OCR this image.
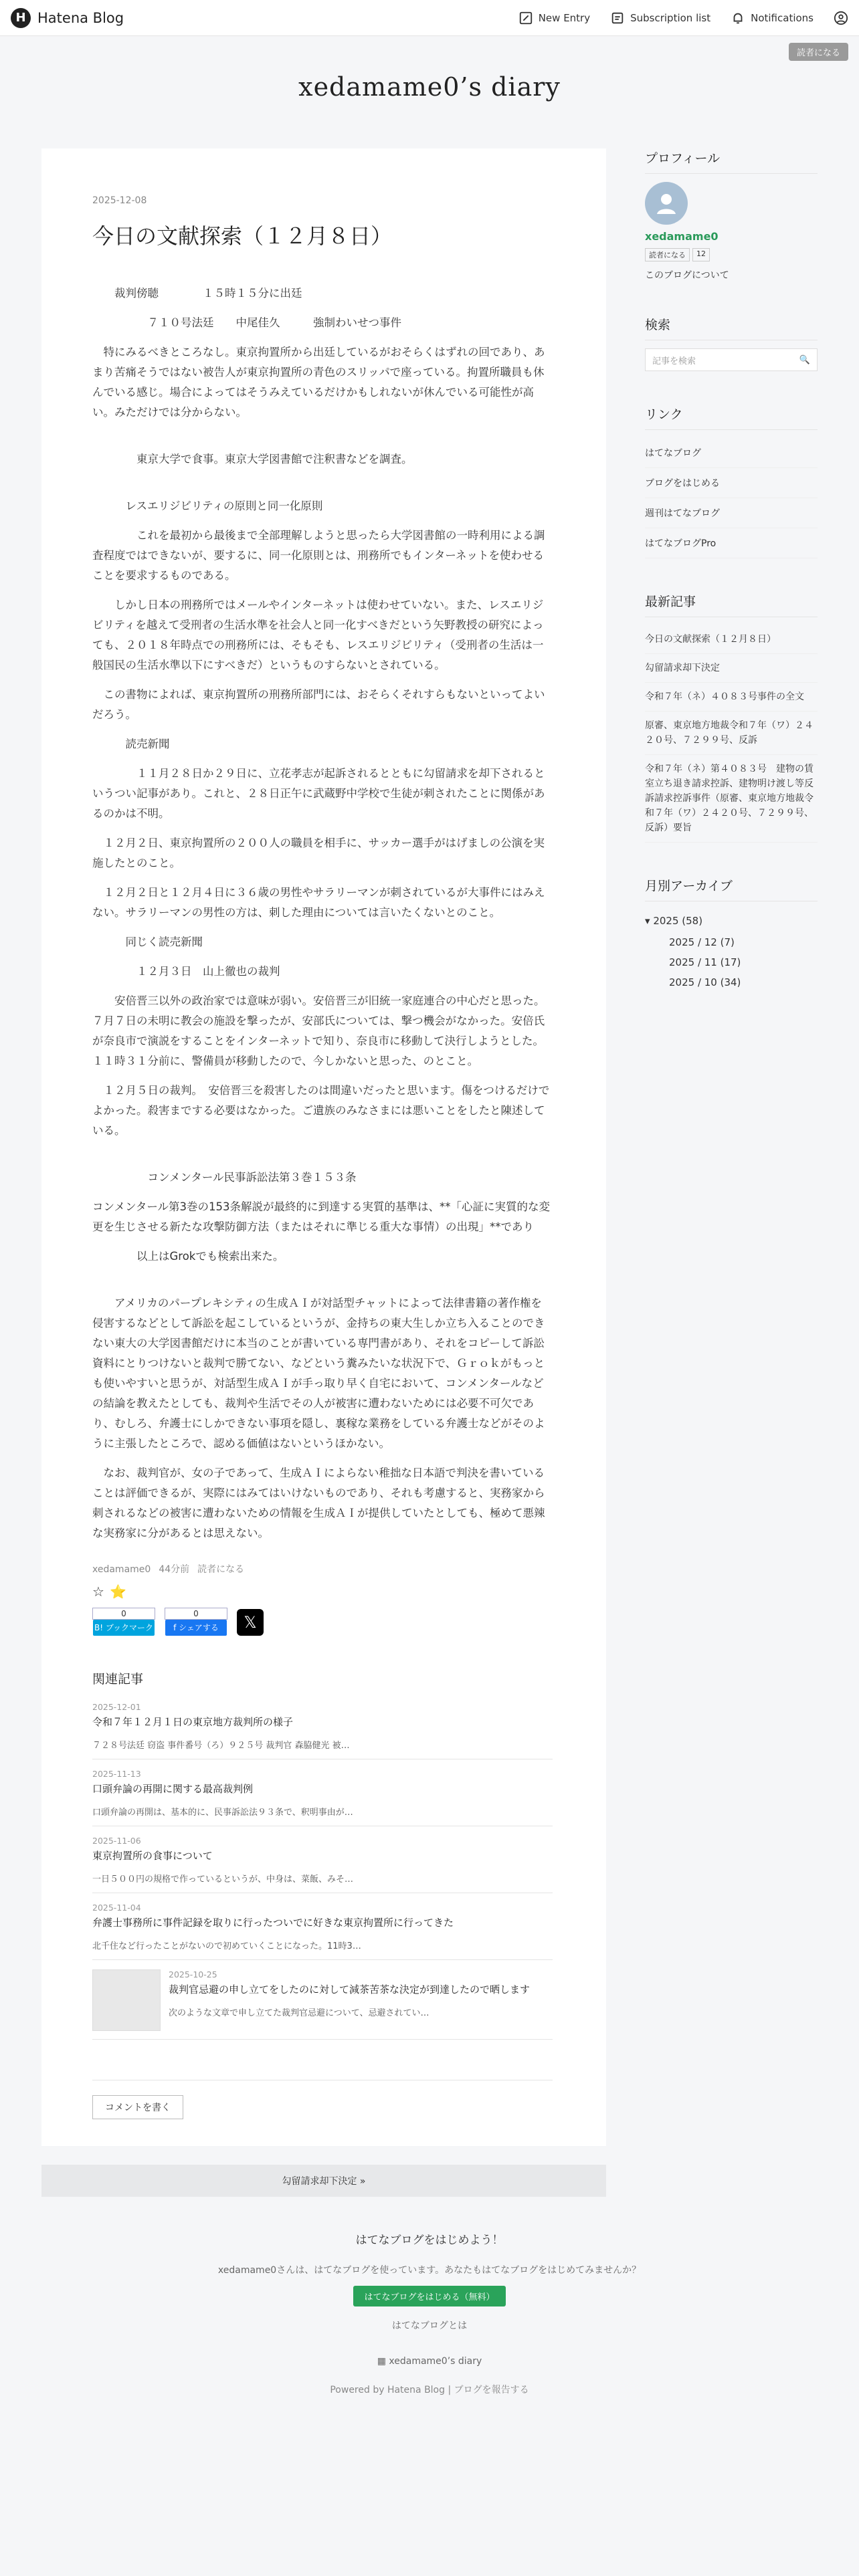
H Hatena Blog	New Entry	Subscription list	Notifications
読者になる
xedamame0’s diary
2025-12-08
今日の文献探索（１２月８日）

　　裁判傍聴　　　　１５時１５分に出廷

　　　　　７１０号法廷　　中尾佳久　　　強制わいせつ事件

　特にみるべきところなし。東京拘置所から出廷しているがおそらくはずれの回であり、あまり苦痛そうではない被告人が東京拘置所の青色のスリッパで座っている。拘置所職員も休んでいる感じ。場合によってはそうみえているだけかもしれないが休んでいる可能性が高い。みただけでは分からない。

　　　　東京大学で食事。東京大学図書館で注釈書などを調査。

　　　レスエリジビリティの原則と同一化原則

　　　　これを最初から最後まで全部理解しようと思ったら大学図書館の一時利用による調査程度ではできないが、要するに、同一化原則とは、刑務所でもインターネットを使わせることを要求するものである。

　　しかし日本の刑務所ではメールやインターネットは使わせていない。また、レスエリジビリティを越えて受刑者の生活水準を社会人と同一化すべきだという矢野教授の研究によっても、２０１８年時点での刑務所には、そもそも、レスエリジビリティ（受刑者の生活は一般国民の生活水準以下にすべきだ）というものすらないとされている。

　この書物によれば、東京拘置所の刑務所部門には、おそらくそれすらもないといってよいだろう。

　　　読売新聞

　　　　１１月２８日か２９日に、立花孝志が起訴されるとともに勾留請求を却下されるというつい記事があり。これと、２８日正午に武蔵野中学校で生徒が刺されたことに関係があるのかは不明。

　１２月２日、東京拘置所の２００人の職員を相手に、サッカー選手がはげましの公演を実施したとのこと。

　１２月２日と１２月４日に３６歳の男性やサラリーマンが刺されているが大事件にはみえない。サラリーマンの男性の方は、刺した理由については言いたくないとのこと。

　　　同じく読売新聞

　　　　１２月３日　山上徹也の裁判

　　安倍晋三以外の政治家では意味が弱い。安倍晋三が旧統一家庭連合の中心だと思った。７月７日の未明に教会の施設を撃ったが、安部氏については、撃つ機会がなかった。安倍氏が奈良市で演説をすることをインターネットで知り、奈良市に移動して決行しようとした。１１時３１分前に、警備員が移動したので、今しかないと思った、のとこと。

　１２月５日の裁判。　安倍晋三を殺害したのは間違いだったと思います。傷をつけるだけでよかった。殺害までする必要はなかった。ご遺族のみなさまには悪いことをしたと陳述している。

　　　　　コンメンタール民事訴訟法第３巻１５３条

コンメンタール第3巻の153条解説が最終的に到達する実質的基準は、**「心証に実質的な変更を生じさせる新たな攻撃防御方法（またはそれに準じる重大な事情）の出現」**であり

　　　　以上はGrokでも検索出来た。

　　アメリカのパープレキシティの生成ＡＩが対話型チャットによって法律書籍の著作権を侵害するなどとして訴訟を起こしているというが、金持ちの東大生しか立ち入ることのできない東大の大学図書館だけに本当のことが書いている専門書があり、それをコピーして訴訟資料にとりつけないと裁判で勝てない、などという糞みたいな状況下で、Ｇｒｏｋがもっとも使いやすいと思うが、対話型生成ＡＩが手っ取り早く自宅において、コンメンタールなどの結論を教えたとしても、裁判や生活でその人が被害に遭わないためには必要不可欠であり、むしろ、弁護士にしかできない事項を隠し、裏稼な業務をしている弁護士などがそのように主張したところで、認める価値はないというほかない。

　なお、裁判官が、女の子であって、生成ＡＩによらない稚拙な日本語で判決を書いていることは評価できるが、実際にはみてはいけないものであり、それも考慮すると、実務家から刺されるなどの被害に遭わないための情報を生成ＡＩが提供していたとしても、極めて悪辣な実務家に分があるとは思えない。

xedamame0 44分前 読者になる
☆ ⭐
0
B! ブックマーク
0
f シェアする	𝕏
関連記事
2025-12-01
令和７年１２月１日の東京地方裁判所の様子
７２８号法廷 窃盗 事件番号（ろ）９２５号 裁判官 森脇健光 被…
2025-11-13
口頭弁論の再開に関する最高裁判例
口頭弁論の再開は、基本的に、民事訴訟法９３条で、釈明事由が…
2025-11-06
東京拘置所の食事について
一日５００円の規格で作っているというが、中身は、菜飯、みそ…
2025-11-04
弁護士事務所に事件記録を取りに行ったついでに好きな東京拘置所に行ってきた
北千住など行ったことがないので初めていくことになった。11時3…
2025-10-25
裁判官忌避の申し立てをしたのに対して減茶苦茶な決定が到達したので晒します
次のような文章で申し立てた裁判官忌避について、忌避されてい…
コメントを書く
プロフィール
xedamame0
読者になる	12
このブログについて
検索
記事を検索	🔍
リンク
はてなブログ
ブログをはじめる
週刊はてなブログ
はてなブログPro
最新記事
今日の文献探索（１２月８日）
勾留請求却下決定
令和７年（ネ）４０８３号事件の全文
原審、東京地方地裁令和７年（ワ）２４２０号、７２９９号、反訴
令和７年（ネ）第４０８３号　建物の賃室立ち退き請求控訴、建物明け渡し等反訴請求控訴事件（原審、東京地方地裁令和７年（ワ）２４２０号、７２９９号、反訴）要旨
月別アーカイブ
▾ 2025 (58)
2025 / 12 (7)
2025 / 11 (17)
2025 / 10 (34)
勾留請求却下決定 »
はてなブログをはじめよう！
xedamame0さんは、はてなブログを使っています。あなたもはてなブログをはじめてみませんか？
はてなブログをはじめる（無料）
はてなブログとは
▦ xedamame0’s diary
Powered by Hatena Blog | ブログを報告する
